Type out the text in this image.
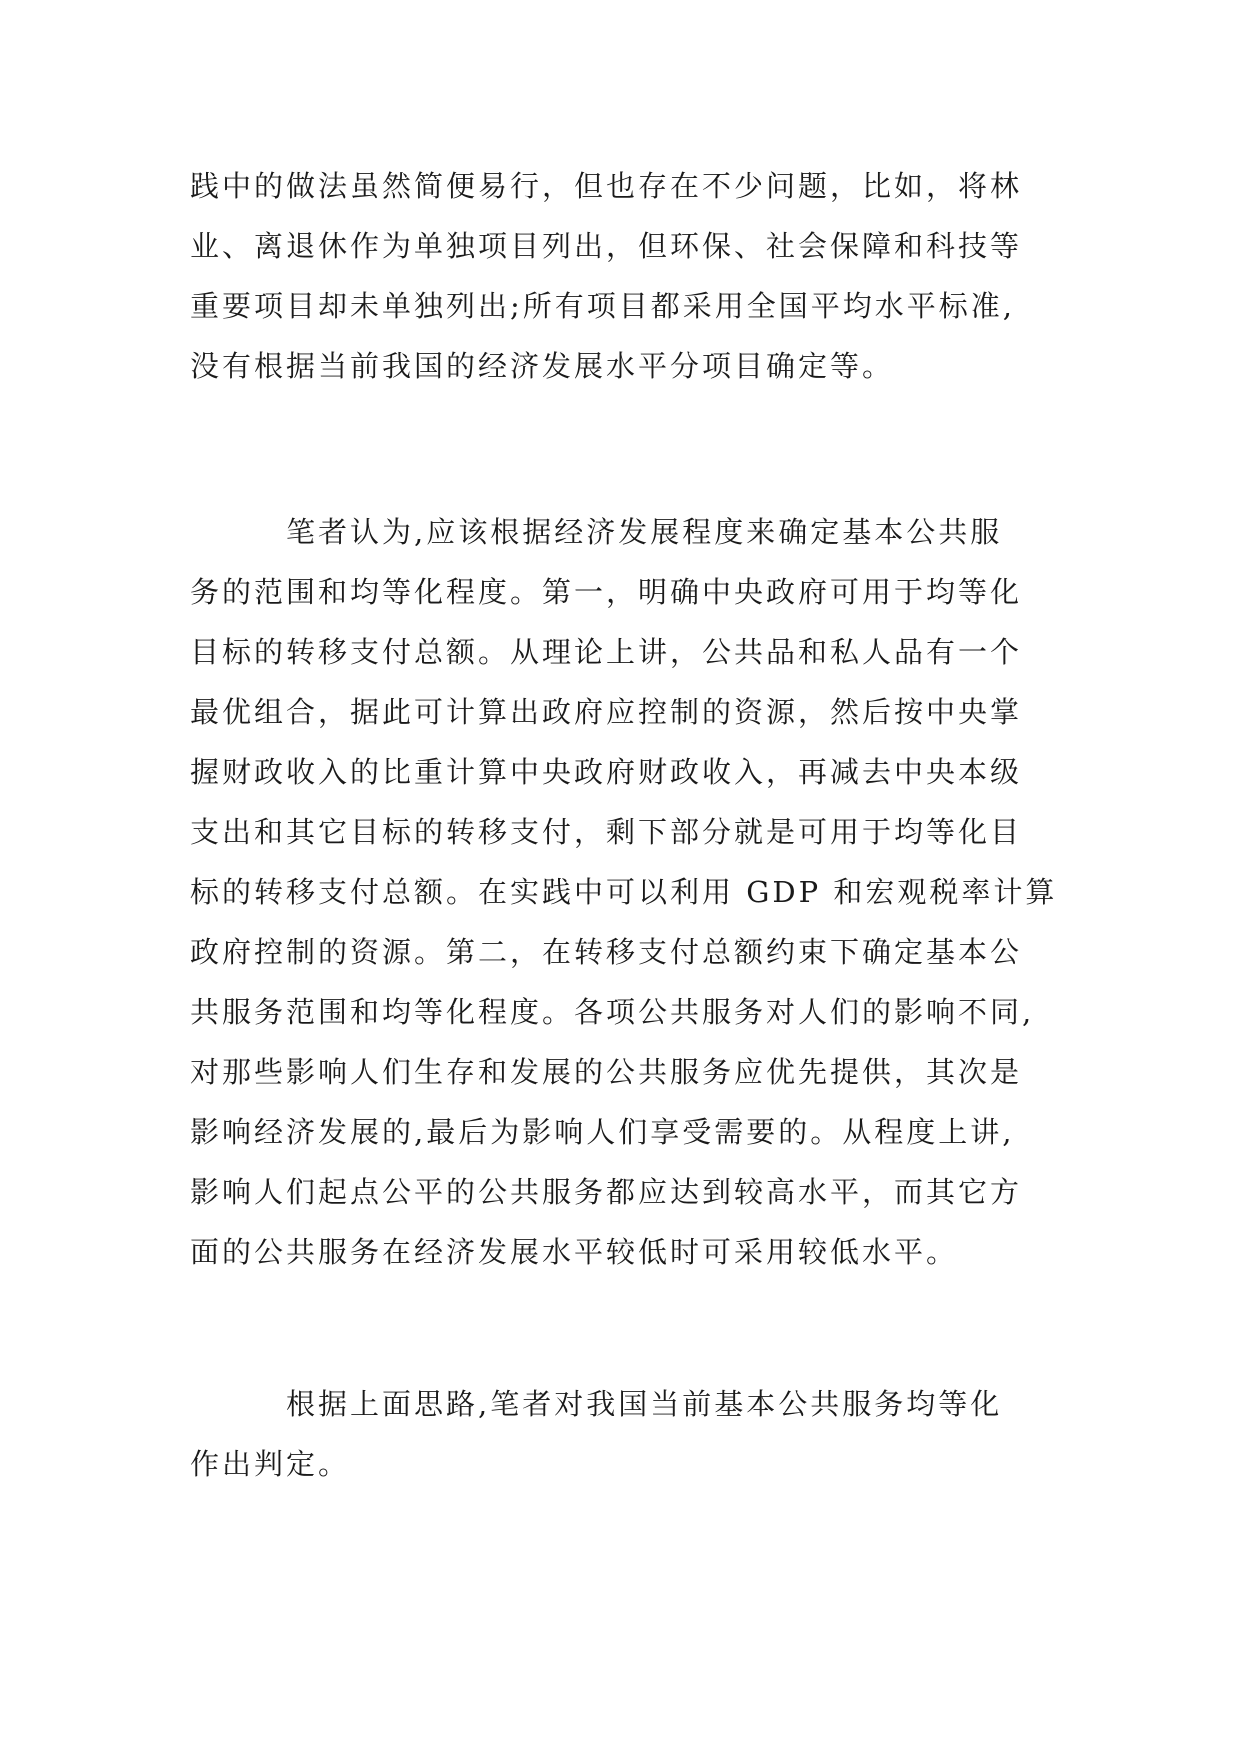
践中的做法虽然简便易行，但也存在不少问题，比如，将林
业、离退休作为单独项目列出，但环保、社会保障和科技等
重要项目却未单独列出;所有项目都采用全国平均水平标准,
没有根据当前我国的经济发展水平分项目确定等。
　　　笔者认为,应该根据经济发展程度来确定基本公共服
务的范围和均等化程度。第一，明确中央政府可用于均等化
目标的转移支付总额。从理论上讲，公共品和私人品有一个
最优组合，据此可计算出政府应控制的资源，然后按中央掌
握财政收入的比重计算中央政府财政收入，再减去中央本级
支出和其它目标的转移支付，剩下部分就是可用于均等化目
标的转移支付总额。在实践中可以利用 GDP 和宏观税率计算
政府控制的资源。第二，在转移支付总额约束下确定基本公
共服务范围和均等化程度。各项公共服务对人们的影响不同,
对那些影响人们生存和发展的公共服务应优先提供，其次是
影响经济发展的,最后为影响人们享受需要的。从程度上讲,
影响人们起点公平的公共服务都应达到较高水平，而其它方
面的公共服务在经济发展水平较低时可采用较低水平。
　　　根据上面思路,笔者对我国当前基本公共服务均等化
作出判定。
